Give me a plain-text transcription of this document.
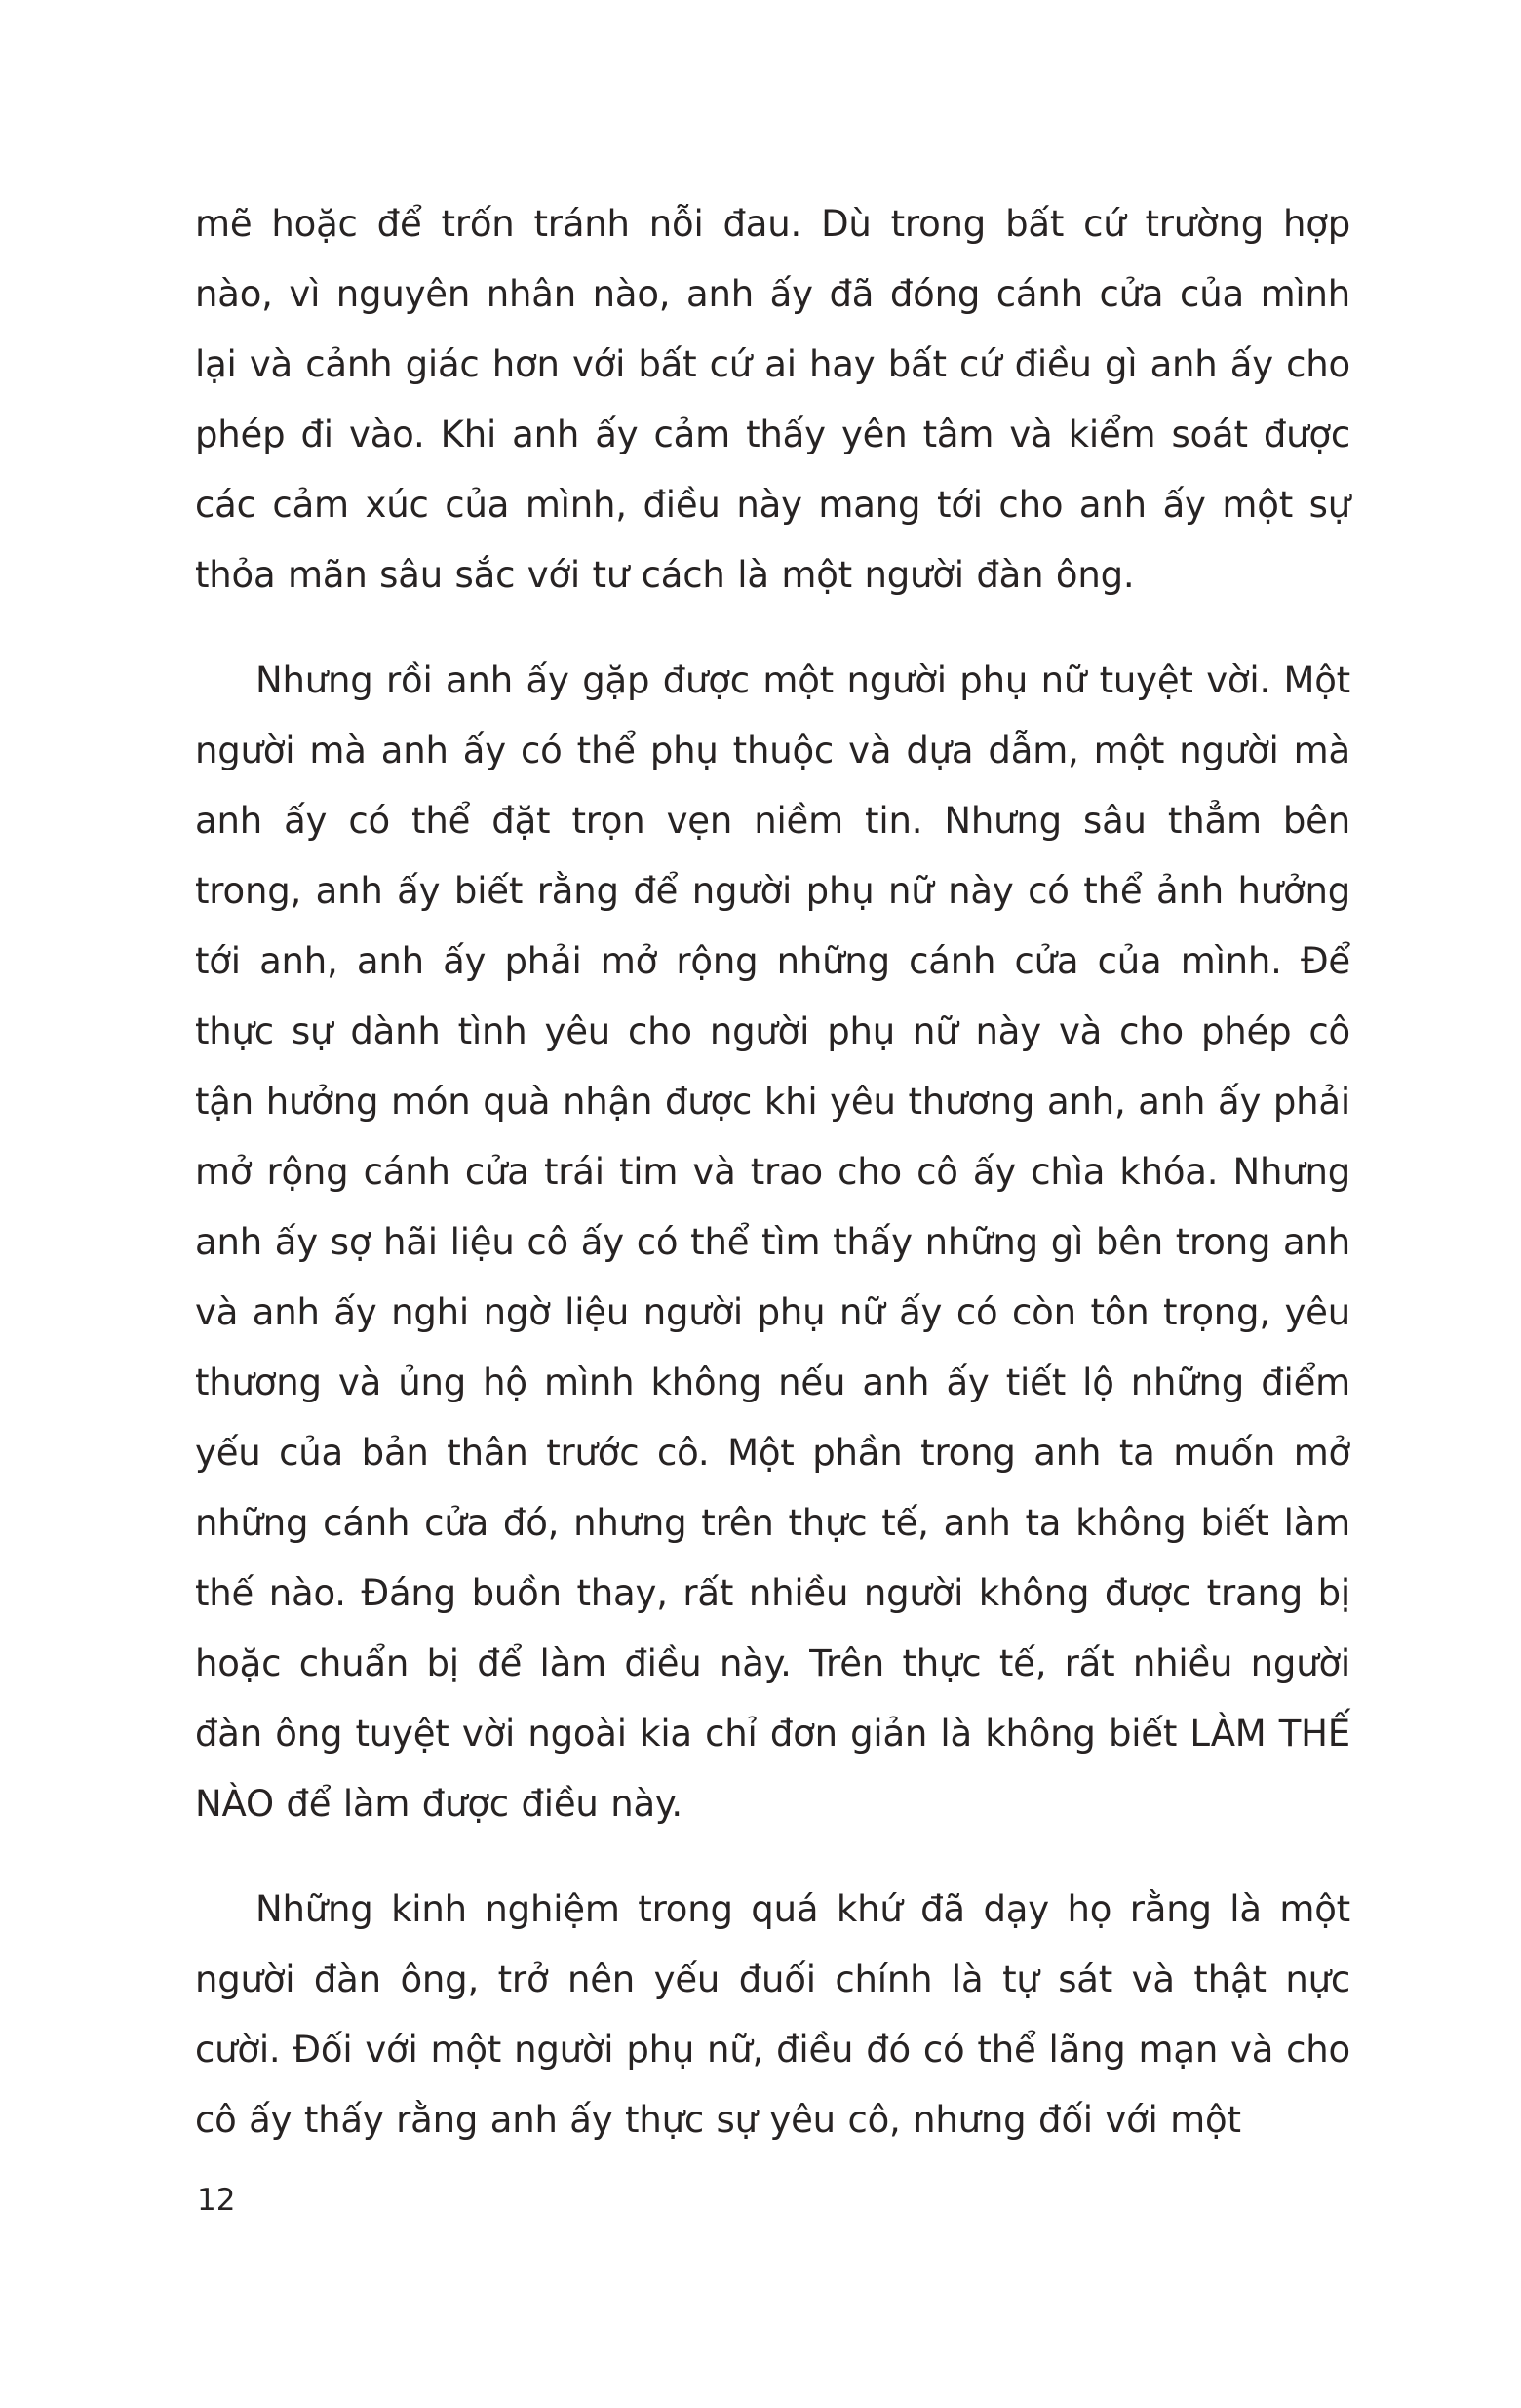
mẽ hoặc để trốn tránh nỗi đau. Dù trong bất cứ trường hợp nào, vì nguyên nhân nào, anh ấy đã đóng cánh cửa của mình lại và cảnh giác hơn với bất cứ ai hay bất cứ điều gì anh ấy cho phép đi vào. Khi anh ấy cảm thấy yên tâm và kiểm soát được các cảm xúc của mình, điều này mang tới cho anh ấy một sự thỏa mãn sâu sắc với tư cách là một người đàn ông.

Nhưng rồi anh ấy gặp được một người phụ nữ tuyệt vời. Một người mà anh ấy có thể phụ thuộc và dựa dẫm, một người mà anh ấy có thể đặt trọn vẹn niềm tin. Nhưng sâu thẳm bên trong, anh ấy biết rằng để người phụ nữ này có thể ảnh hưởng tới anh, anh ấy phải mở rộng những cánh cửa của mình. Để thực sự dành tình yêu cho người phụ nữ này và cho phép cô tận hưởng món quà nhận được khi yêu thương anh, anh ấy phải mở rộng cánh cửa trái tim và trao cho cô ấy chìa khóa. Nhưng anh ấy sợ hãi liệu cô ấy có thể tìm thấy những gì bên trong anh và anh ấy nghi ngờ liệu người phụ nữ ấy có còn tôn trọng, yêu thương và ủng hộ mình không nếu anh ấy tiết lộ những điểm yếu của bản thân trước cô. Một phần trong anh ta muốn mở những cánh cửa đó, nhưng trên thực tế, anh ta không biết làm thế nào. Đáng buồn thay, rất nhiều người không được trang bị hoặc chuẩn bị để làm điều này. Trên thực tế, rất nhiều người đàn ông tuyệt vời ngoài kia chỉ đơn giản là không biết LÀM THẾ NÀO để làm được điều này.

Những kinh nghiệm trong quá khứ đã dạy họ rằng là một người đàn ông, trở nên yếu đuối chính là tự sát và thật nực cười. Đối với một người phụ nữ, điều đó có thể lãng mạn và cho cô ấy thấy rằng anh ấy thực sự yêu cô, nhưng đối với một

12
